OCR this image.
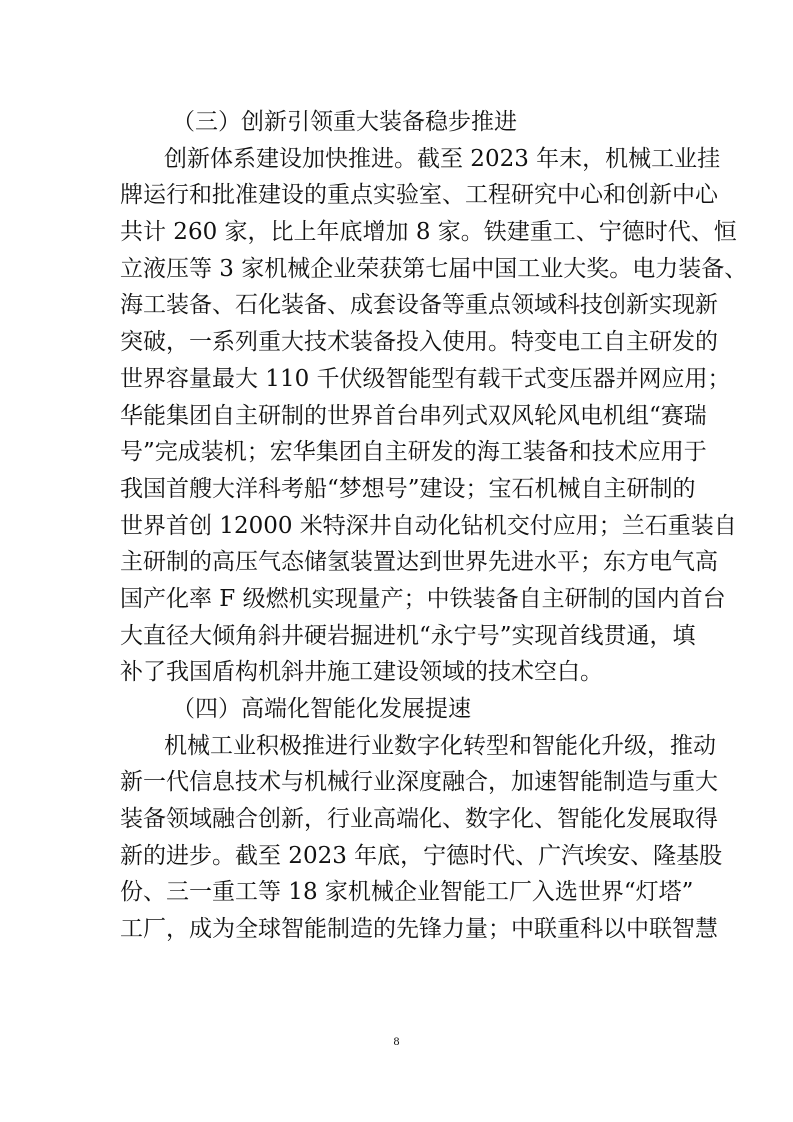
（三）创新引领重大装备稳步推进
创新体系建设加快推进。截至 2023 年末，机械工业挂
牌运行和批准建设的重点实验室、工程研究中心和创新中心
共计 260 家，比上年底增加 8 家。铁建重工、宁德时代、恒
立液压等 3 家机械企业荣获第七届中国工业大奖。电力装备、
海工装备、石化装备、成套设备等重点领域科技创新实现新
突破，一系列重大技术装备投入使用。特变电工自主研发的
世界容量最大 110 千伏级智能型有载干式变压器并网应用；
华能集团自主研制的世界首台串列式双风轮风电机组“赛瑞
号”完成装机；宏华集团自主研发的海工装备和技术应用于
我国首艘大洋科考船“梦想号”建设；宝石机械自主研制的
世界首创 12000 米特深井自动化钻机交付应用；兰石重装自
主研制的高压气态储氢装置达到世界先进水平；东方电气高
国产化率 F 级燃机实现量产；中铁装备自主研制的国内首台
大直径大倾角斜井硬岩掘进机“永宁号”实现首线贯通，填
补了我国盾构机斜井施工建设领域的技术空白。
（四）高端化智能化发展提速
机械工业积极推进行业数字化转型和智能化升级，推动
新一代信息技术与机械行业深度融合，加速智能制造与重大
装备领域融合创新，行业高端化、数字化、智能化发展取得
新的进步。截至 2023 年底，宁德时代、广汽埃安、隆基股
份、三一重工等 18 家机械企业智能工厂入选世界“灯塔”
工厂，成为全球智能制造的先锋力量；中联重科以中联智慧
8
